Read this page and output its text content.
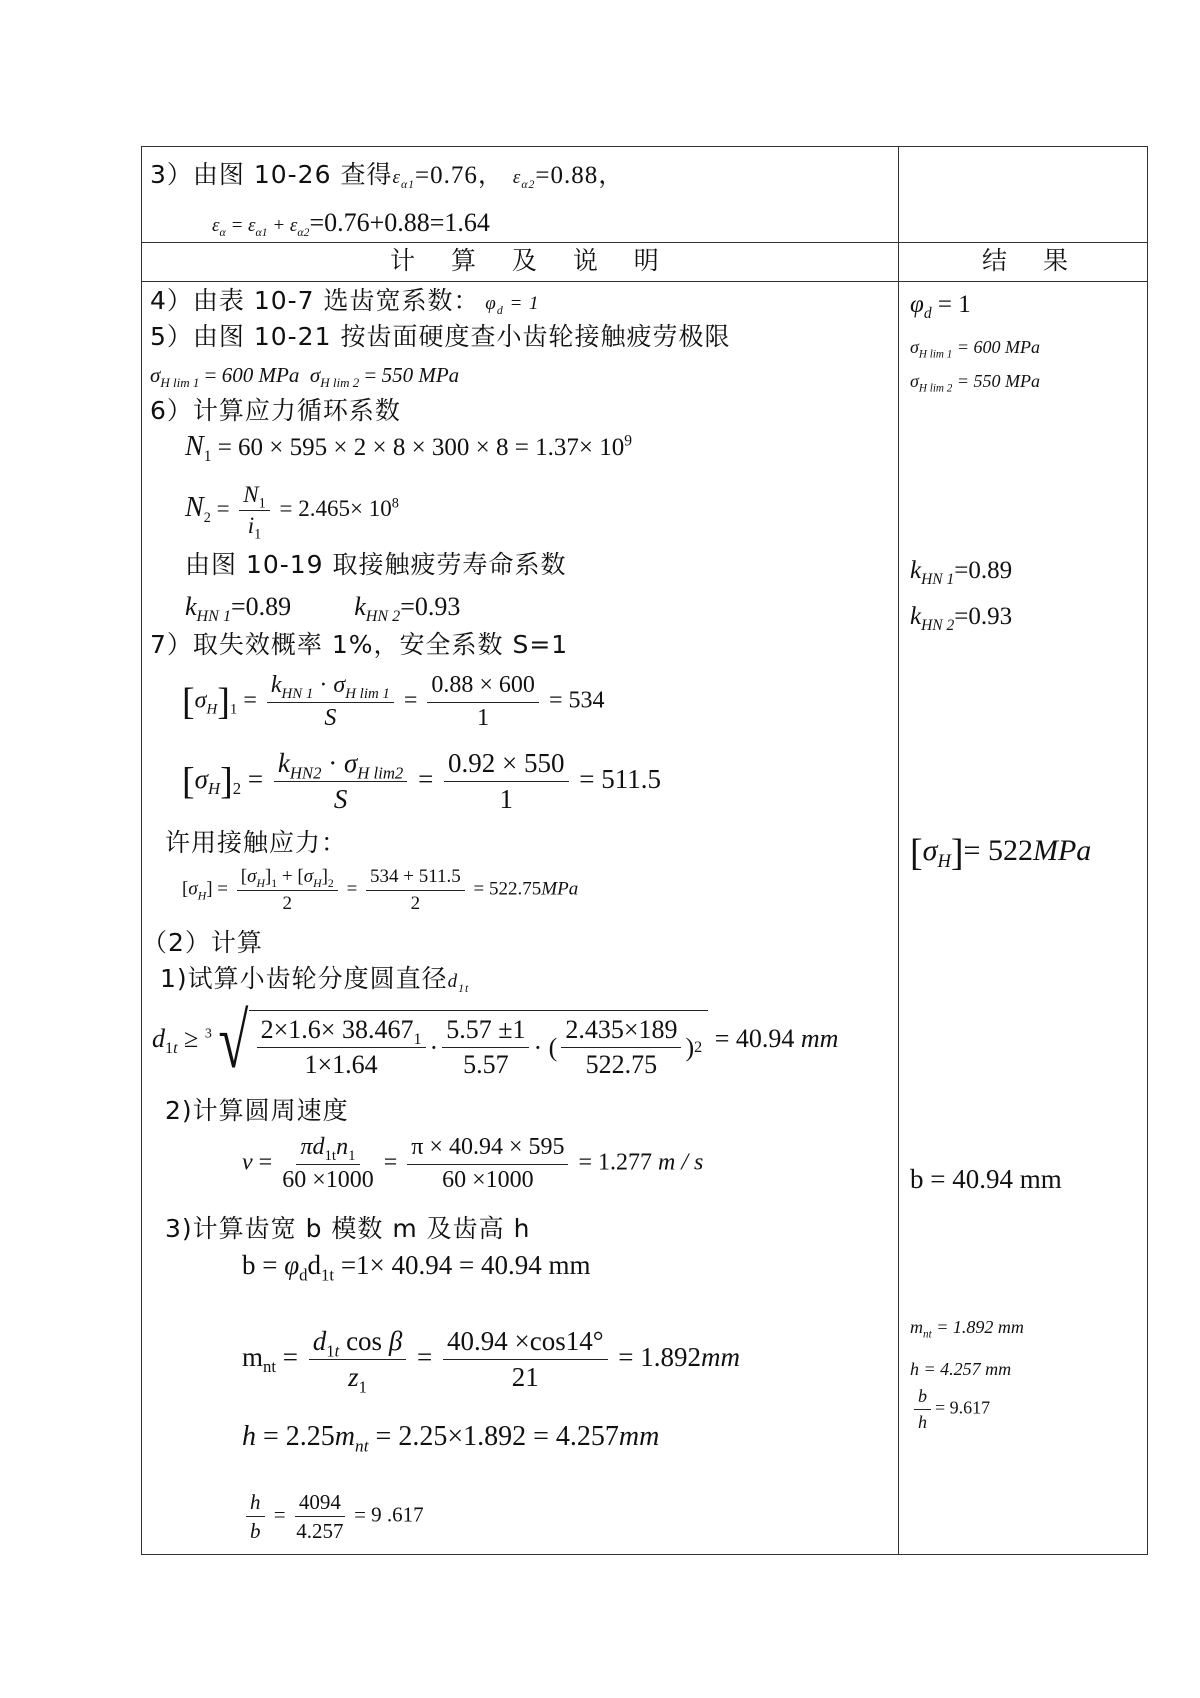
3）由图 10-26 查得$\varepsilon_{\alpha 1}=0.76$， $\varepsilon_{\alpha 2}=0.88$，
$\varepsilon_\alpha = \varepsilon_{\alpha 1} + \varepsilon_{\alpha 2}=0.76+0.88=1.64$
计 算 及 说 明	结 果
4）由表 10-7 选齿宽系数： $\varphi_d = 1$
5）由图 10-21 按齿面硬度查小齿轮接触疲劳极限
$\sigma_{H lim 1} = 600$ MPa $\sigma_{H lim 2} = 550$ MPa
6）计算应力循环系数
$N_1 = 60 \times 595 \times 2 \times 8 \times 300 \times 8 = 1.37\times 10^9$
$N_2 = \frac{N_1}{i_1} = 2.465\times 10^8$
由图 10-19 取接触疲劳寿命系数
$k_{HN 1}=0.89$ $k_{HN 2}=0.93$
7）取失效概率 1%，安全系数 S=1
$[\sigma_H]_1 = \frac{k_{HN 1} \cdot \sigma_{H lim 1}}{S} = \frac{0.88 \times 600}{1} = 534$
$[\sigma_H]_2 = \frac{k_{HN2} \cdot \sigma_{H lim2}}{S} = \frac{0.92 \times 550}{1} = 511.5$
许用接触应力：
$[\sigma_H] = \frac{[\sigma_H]_1 + [\sigma_H]_2}{2} = \frac{534 + 511.5}{2} = 522.75MPa$
（2）计算
1)试算小齿轮分度圆直径$d_{1t}$
$d_{1t} \ge ^3$ √ $\frac{2\times 1.6\times 38.467_1}{1\times 1.64} \cdot \frac{5.57 \pm 1}{5.57}$ · ( $\frac{2.435\times 189}{522.75}$ ) 2 = 40.94 mm
2)计算圆周速度
$v = \frac{\pi d_{1t}n_1}{60 \times 1000} = \frac{\pi \times 40.94 \times 595}{60 \times 1000} = 1.277$ m / s
3)计算齿宽 b 模数 m 及齿高 h
$b = \varphi_dd_{1t} =1\times 40.94 = 40.94$ mm
$m_{nt} = \frac{d_{1t} \cos \beta}{z_1} = \frac{40.94 \times\cos 14^\circ}{21} = 1.892mm$
$h = 2.25m_{nt} = 2.25\times 1.892 = 4.257mm$
$\frac{h}{b} = \frac{4094}{4.257} = 9$ .617
$\varphi_d = 1$
$\sigma_{H lim 1} = 600$ MPa
$\sigma_{H lim 2} = 550$ MPa
$k_{HN 1}=0.89$
$k_{HN 2}=0.93$
$[\sigma_H]= 522MPa$
b = 40.94 mm
$m_{nt} = 1.892$ mm
h = 4.257 mm
$\frac{b}{h} = 9.617$
